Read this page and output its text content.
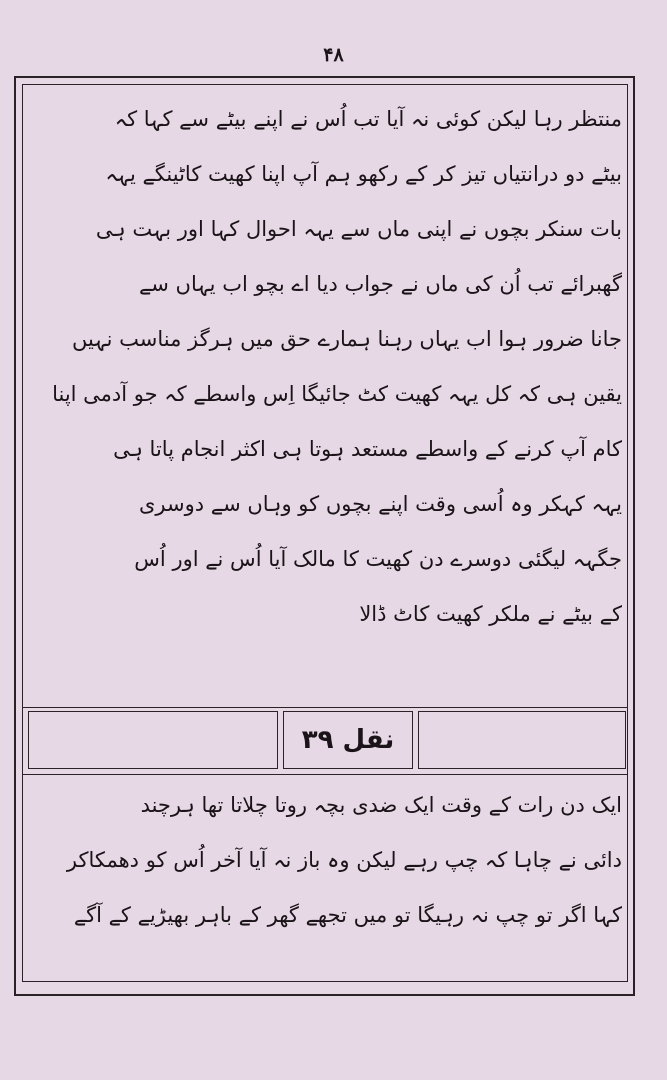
۴۸

منتظر رہا لیکن کوئی نہ آیا تب اُس نے اپنے بیٹے سے کہا کہ

بیٹے دو درانتیاں تیز کر کے رکھو ہم آپ اپنا کھیت کاٹینگے یہہ

بات سنکر بچوں نے اپنی ماں سے یہہ احوال کہا اور بہت ہی

گھبرائے تب اُن کی ماں نے جواب دیا اے بچو اب یہاں سے

جانا ضرور ہوا اب یہاں رہنا ہمارے حق میں ہرگز مناسب نہیں

یقین ہی کہ کل یہہ کھیت کٹ جائیگا اِس واسطے کہ جو آدمی اپنا

کام آپ کرنے کے واسطے مستعد ہوتا ہی اکثر انجام پاتا ہی

یہہ کہکر وہ اُسی وقت اپنے بچوں کو وہاں سے دوسری

جگہہ لیگئی دوسرے دن کھیت کا مالک آیا اُس نے اور اُس

کے بیٹے نے ملکر کھیت کاٹ ڈالا

نقل ۳۹

ایک دن رات کے وقت ایک ضدی بچہ روتا چلاتا تھا ہرچند

دائی نے چاہا کہ چپ رہے لیکن وہ باز نہ آیا آخر اُس کو دھمکاکر

کہا اگر تو چپ نہ رہیگا تو میں تجھے گھر کے باہر بھیڑیے کے آگے
